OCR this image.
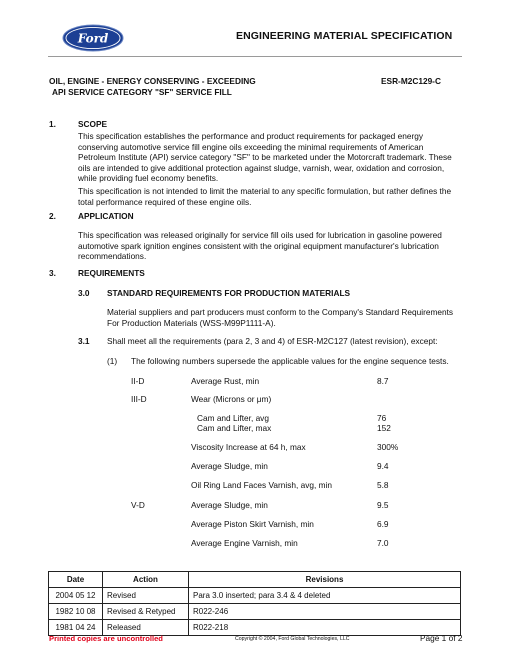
Ford	ENGINEERING MATERIAL SPECIFICATION
OIL, ENGINE - ENERGY CONSERVING - EXCEEDING
API SERVICE CATEGORY "SF" SERVICE FILL
ESR-M2C129-C
1.	SCOPE
This specification establishes the performance and product requirements for packaged energy
conserving automotive service fill engine oils exceeding the minimal requirements of American
Petroleum Institute (API) service category "SF" to be marketed under the Motorcraft trademark. These
oils are intended to give additional protection against sludge, varnish, wear, oxidation and corrosion,
while providing fuel economy benefits.
This specification is not intended to limit the material to any specific formulation, but rather defines the
total performance required of these engine oils.
2.	APPLICATION
This specification was released originally for service fill oils used for lubrication in gasoline powered
automotive spark ignition engines consistent with the original equipment manufacturer's lubrication
recommendations.
3.	REQUIREMENTS
3.0 STANDARD REQUIREMENTS FOR PRODUCTION MATERIALS
Material suppliers and part producers must conform to the Company's Standard Requirements
For Production Materials (WSS-M99P1111-A).
3.1 Shall meet all the requirements (para 2, 3 and 4) of ESR-M2C127 (latest revision), except:
(1) The following numbers supersede the applicable values for the engine sequence tests.
II-D	Average Rust, min	8.7
III-D	Wear (Microns or μm)
Cam and Lifter, avg	76
Cam and Lifter, max	152
Viscosity Increase at 64 h, max	300%
Average Sludge, min	9.4
Oil Ring Land Faces Varnish, avg, min	5.8
V-D	Average Sludge, min	9.5
Average Piston Skirt Varnish, min	6.9
Average Engine Varnish, min	7.0
Date	Action	Revisions
2004 05 12	Revised	Para 3.0 inserted; para 3.4 & 4 deleted
1982 10 08	Revised & Retyped	R022-246
1981 04 24	Released	R022-218
Printed copies are uncontrolled	Copyright © 2004, Ford Global Technologies, LLC	Page 1 of 2
